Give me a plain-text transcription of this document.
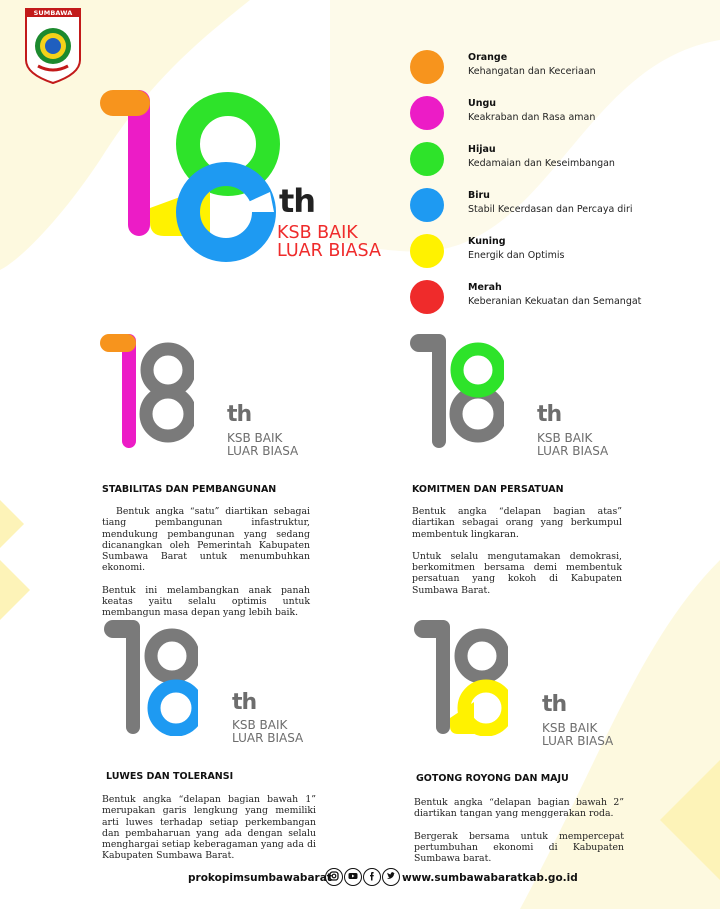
SUMBAWA BARAT
th
KSB BAIK
LUAR BIASA
Orange
Kehangatan dan Keceriaan
Ungu
Keakraban dan Rasa aman
Hijau
Kedamaian dan Keseimbangan
Biru
Stabil Kecerdasan dan Percaya diri
Kuning
Energik dan Optimis
Merah
Keberanian Kekuatan dan Semangat
th
KSB BAIK
LUAR BIASA
STABILITAS DAN PEMBANGUNAN

Bentuk angka “satu” diartikan sebagai tiang pembangunan infastruktur, mendukung pembangunan yang sedang dicanangkan oleh Pemerintah Kabupaten Sumbawa Barat untuk menumbuhkan ekonomi.

Bentuk ini melambangkan anak panah keatas yaitu selalu optimis untuk membangun masa depan yang lebih baik.

th
KSB BAIK
LUAR BIASA
KOMITMEN DAN PERSATUAN

Bentuk angka “delapan bagian atas” diartikan sebagai orang yang berkumpul membentuk lingkaran.

Untuk selalu mengutamakan demokrasi, berkomitmen bersama demi membentuk persatuan yang kokoh di Kabupaten Sumbawa Barat.

th
KSB BAIK
LUAR BIASA
LUWES DAN TOLERANSI

Bentuk angka “delapan bagian bawah 1” merupakan garis lengkung yang memiliki arti luwes terhadap setiap perkembangan dan pembaharuan yang ada dengan selalu menghargai setiap keberagaman yang ada di Kabupaten Sumbawa Barat.

th
KSB BAIK
LUAR BIASA
GOTONG ROYONG DAN MAJU

Bentuk angka “delapan bagian bawah 2” diartikan tangan yang menggerakan roda.

Bergerak bersama untuk mempercepat pertumbuhan ekonomi di Kabupaten Sumbawa barat.

prokopimsumbawabarat	www.sumbawabaratkab.go.id
